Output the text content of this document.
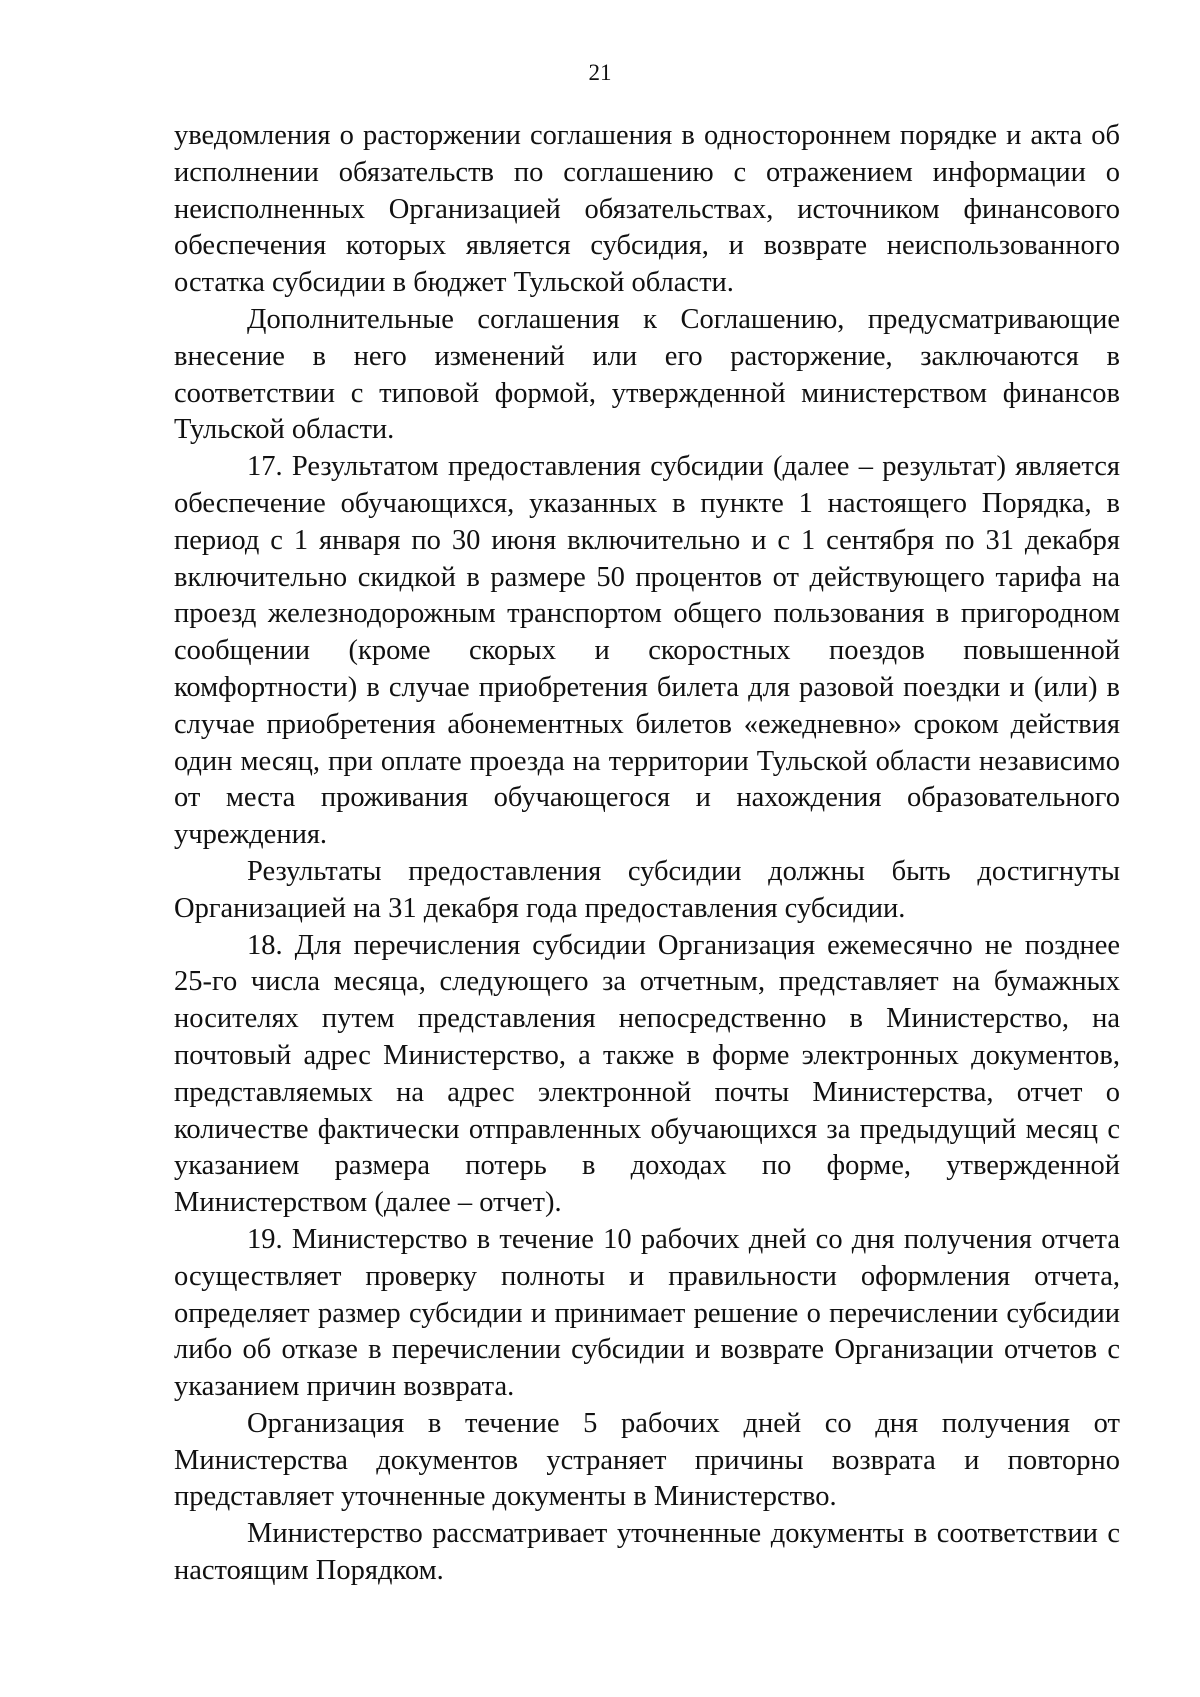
21

уведомления о расторжении соглашения в одностороннем порядке и акта об исполнении обязательств по соглашению с отражением информации о неисполненных Организацией обязательствах, источником финансового обеспечения которых является субсидия, и возврате неиспользованного остатка субсидии в бюджет Тульской области.

Дополнительные соглашения к Соглашению, предусматривающие внесение в него изменений или его расторжение, заключаются в соответствии с типовой формой, утвержденной министерством финансов Тульской области.

17. Результатом предоставления субсидии (далее – результат) является обеспечение обучающихся, указанных в пункте 1 настоящего Порядка, в период с 1 января по 30 июня включительно и с 1 сентября по 31 декабря включительно скидкой в размере 50 процентов от действующего тарифа на проезд железнодорожным транспортом общего пользования в пригородном сообщении (кроме скорых и скоростных поездов повышенной комфортности) в случае приобретения билета для разовой поездки и (или) в случае приобретения абонементных билетов «ежедневно» сроком действия один месяц, при оплате проезда на территории Тульской области независимо от места проживания обучающегося и нахождения образовательного учреждения.

Результаты предоставления субсидии должны быть достигнуты Организацией на 31 декабря года предоставления субсидии.

18. Для перечисления субсидии Организация ежемесячно не позднее 25-го числа месяца, следующего за отчетным, представляет на бумажных носителях путем представления непосредственно в Министерство, на почтовый адрес Министерство, а также в форме электронных документов, представляемых на адрес электронной почты Министерства, отчет о количестве фактически отправленных обучающихся за предыдущий месяц с указанием размера потерь в доходах по форме, утвержденной Министерством (далее – отчет).

19. Министерство в течение 10 рабочих дней со дня получения отчета осуществляет проверку полноты и правильности оформления отчета, определяет размер субсидии и принимает решение о перечислении субсидии либо об отказе в перечислении субсидии и возврате Организации отчетов с указанием причин возврата.

Организация в течение 5 рабочих дней со дня получения от Министерства документов устраняет причины возврата и повторно представляет уточненные документы в Министерство.

Министерство рассматривает уточненные документы в соответствии с настоящим Порядком.
